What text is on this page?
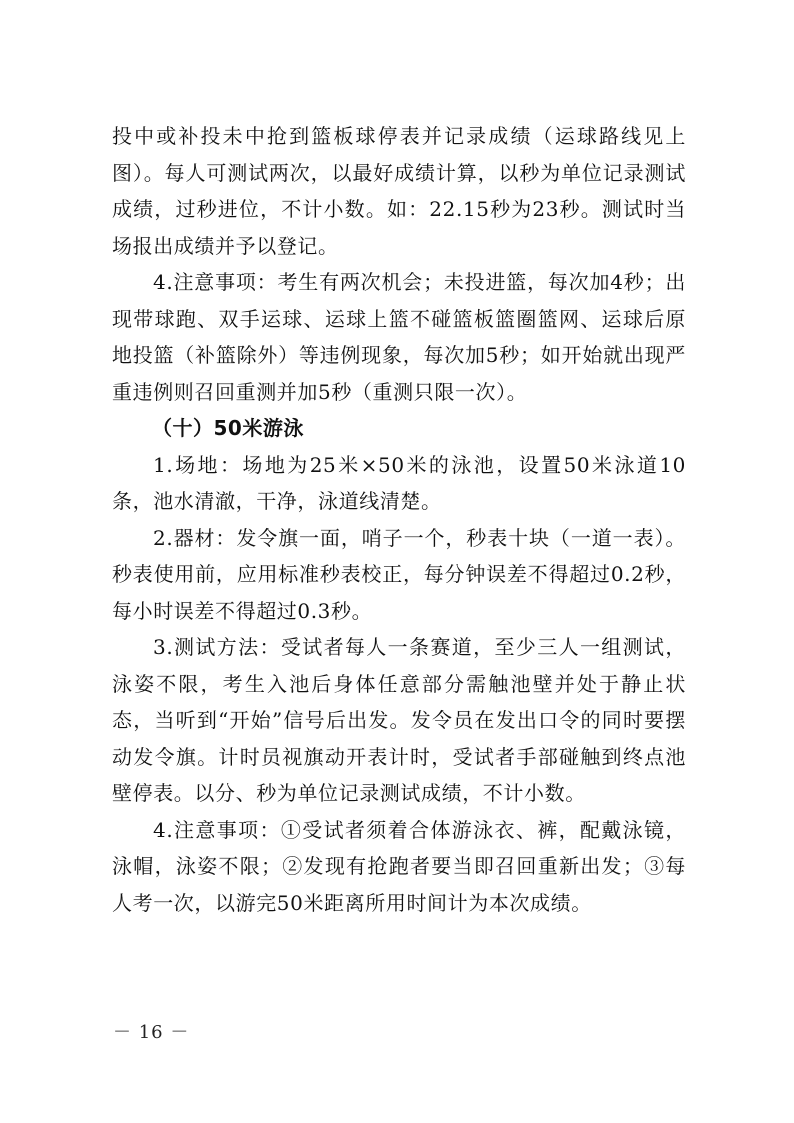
投中或补投未中抢到篮板球停表并记录成绩（运球路线见上图）。每人可测试两次，以最好成绩计算，以秒为单位记录测试成绩，过秒进位，不计小数。如：22.15秒为23秒。测试时当场报出成绩并予以登记。

4.注意事项：考生有两次机会；未投进篮，每次加4秒；出现带球跑、双手运球、运球上篮不碰篮板篮圈篮网、运球后原地投篮（补篮除外）等违例现象，每次加5秒；如开始就出现严重违例则召回重测并加5秒（重测只限一次）。

（十）50米游泳

1.场地：场地为25米×50米的泳池，设置50米泳道10条，池水清澈，干净，泳道线清楚。

2.器材：发令旗一面，哨子一个，秒表十块（一道一表）。秒表使用前，应用标准秒表校正，每分钟误差不得超过0.2秒，每小时误差不得超过0.3秒。

3.测试方法：受试者每人一条赛道，至少三人一组测试，泳姿不限，考生入池后身体任意部分需触池壁并处于静止状态，当听到“开始”信号后出发。发令员在发出口令的同时要摆动发令旗。计时员视旗动开表计时，受试者手部碰触到终点池壁停表。以分、秒为单位记录测试成绩，不计小数。

4.注意事项：①受试者须着合体游泳衣、裤，配戴泳镜，泳帽，泳姿不限；②发现有抢跑者要当即召回重新出发；③每人考一次，以游完50米距离所用时间计为本次成绩。

－ 16 －
